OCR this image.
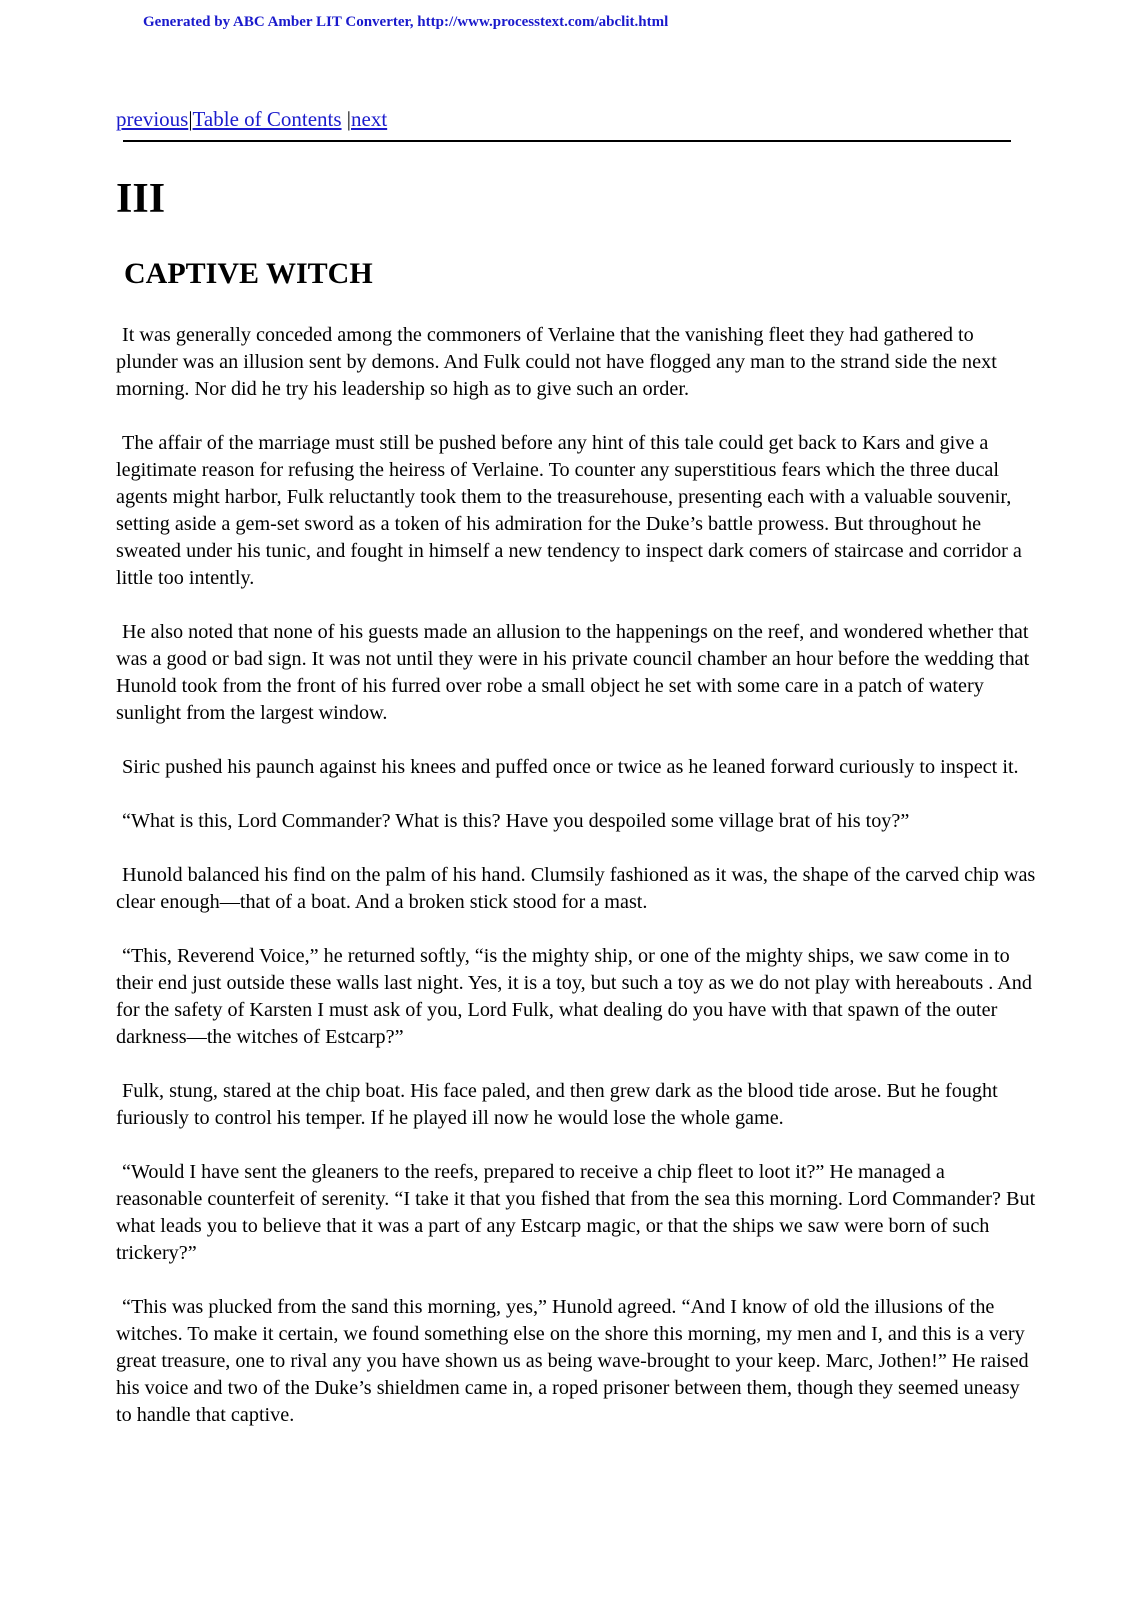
Generated by ABC Amber LIT Converter, http://www.processtext.com/abclit.html
previous|Table of Contents |next
III
CAPTIVE WITCH

It was generally conceded among the commoners of Verlaine that the vanishing fleet they had gathered to plunder was an illusion sent by demons. And Fulk could not have flogged any man to the strand side the next morning. Nor did he try his leadership so high as to give such an order.

The affair of the marriage must still be pushed before any hint of this tale could get back to Kars and give a legitimate reason for refusing the heiress of Verlaine. To counter any superstitious fears which the three ducal agents might harbor, Fulk reluctantly took them to the treasurehouse, presenting each with a valuable souvenir, setting aside a gem-set sword as a token of his admiration for the Duke’s battle prowess. But throughout he sweated under his tunic, and fought in himself a new tendency to inspect dark comers of staircase and corridor a little too intently.

He also noted that none of his guests made an allusion to the happenings on the reef, and wondered whether that was a good or bad sign. It was not until they were in his private council chamber an hour before the wedding that Hunold took from the front of his furred over robe a small object he set with some care in a patch of watery sunlight from the largest window.

Siric pushed his paunch against his knees and puffed once or twice as he leaned forward curiously to inspect it.

“What is this, Lord Commander? What is this? Have you despoiled some village brat of his toy?”

Hunold balanced his find on the palm of his hand. Clumsily fashioned as it was, the shape of the carved chip was clear enough—that of a boat. And a broken stick stood for a mast.

“This, Reverend Voice,” he returned softly, “is the mighty ship, or one of the mighty ships, we saw come in to their end just outside these walls last night. Yes, it is a toy, but such a toy as we do not play with hereabouts . And for the safety of Karsten I must ask of you, Lord Fulk, what dealing do you have with that spawn of the outer darkness—the witches of Estcarp?”

Fulk, stung, stared at the chip boat. His face paled, and then grew dark as the blood tide arose. But he fought furiously to control his temper. If he played ill now he would lose the whole game.

“Would I have sent the gleaners to the reefs, prepared to receive a chip fleet to loot it?” He managed a reasonable counterfeit of serenity. “I take it that you fished that from the sea this morning. Lord Commander? But what leads you to believe that it was a part of any Estcarp magic, or that the ships we saw were born of such trickery?”

“This was plucked from the sand this morning, yes,” Hunold agreed. “And I know of old the illusions of the witches. To make it certain, we found something else on the shore this morning, my men and I, and this is a very great treasure, one to rival any you have shown us as being wave-brought to your keep. Marc, Jothen!” He raised his voice and two of the Duke’s shieldmen came in, a roped prisoner between them, though they seemed uneasy to handle that captive.
